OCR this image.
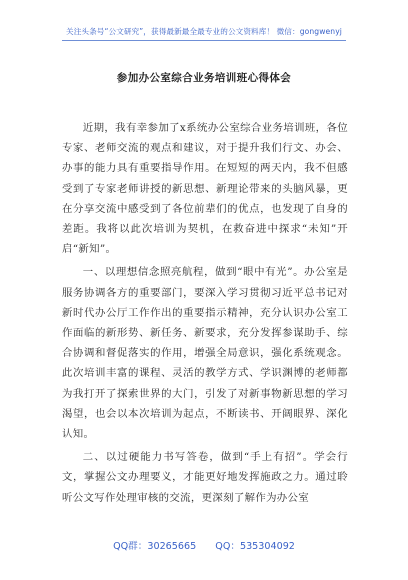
关注头条号“公文研究”，获得最新最全最专业的公文资料库！ 微信：gongwenyj
参加办公室综合业务培训班心得体会

近期，我有幸参加了x系统办公室综合业务培训班，各位专家、老师交流的观点和建议，对于提升我们行文、办会、办事的能力具有重要指导作用。在短短的两天内，我不但感受到了专家老师讲授的新思想、新理论带来的头脑风暴，更在分享交流中感受到了各位前辈们的优点，也发现了自身的差距。我将以此次培训为契机，在救奋进中探求“未知”开启“新知”。

一、以理想信念照亮航程，做到“眼中有光”。办公室是服务协调各方的重要部门，要深入学习贯彻习近平总书记对新时代办公厅工作作出的重要指示精神，充分认识办公室工作面临的新形势、新任务、新要求，充分发挥参谋助手、综合协调和督促落实的作用，增强全局意识，强化系统观念。此次培训丰富的课程、灵活的教学方式、学识渊博的老师都为我打开了探索世界的大门，引发了对新事物新思想的学习渴望，也会以本次培训为起点，不断读书、开阔眼界、深化认知。

二、以过硬能力书写答卷，做到“手上有招”。学会行文，掌握公文办理要义，才能更好地发挥施政之力。通过聆听公文写作处理审核的交流，更深刻了解作为办公室

QQ群：30265665 QQ：535304092
